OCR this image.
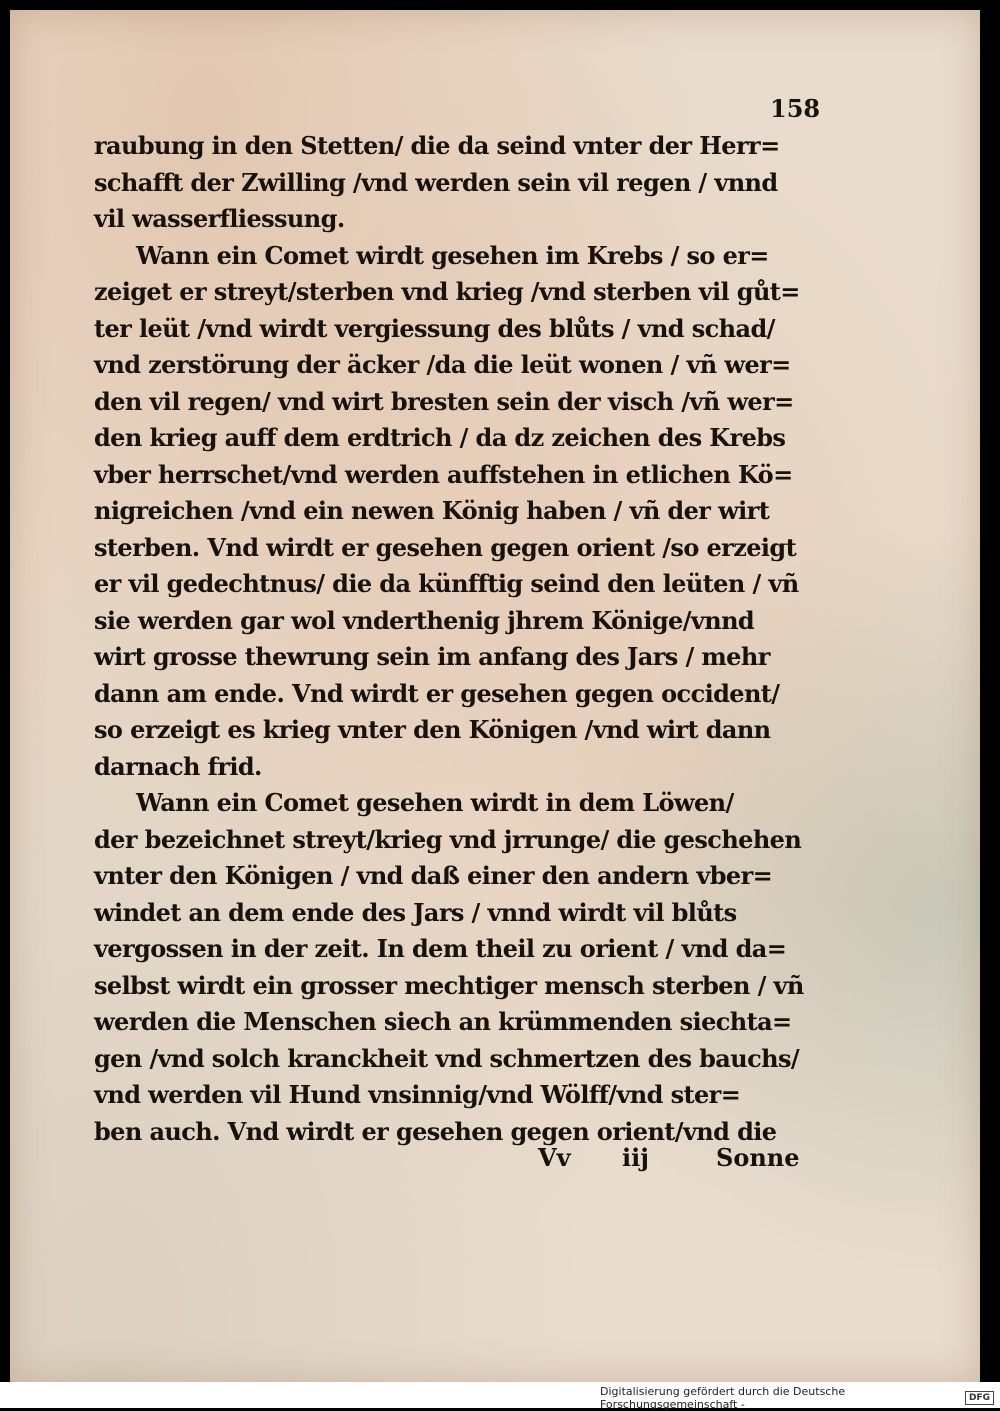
158
raubung in den Stetten/ die da seind vnter der Herr=
schafft der Zwilling /vnd werden sein vil regen / vnnd
vil wasserfliessung.
Wann ein Comet wirdt gesehen im Krebs / so er=
zeiget er streyt/sterben vnd krieg /vnd sterben vil gůt=
ter leüt /vnd wirdt vergiessung des blůts / vnd schad/
vnd zerstörung der äcker /da die leüt wonen / vñ wer=
den vil regen/ vnd wirt bresten sein der visch /vñ wer=
den krieg auff dem erdtrich / da dz zeichen des Krebs
vber herrschet/vnd werden auffstehen in etlichen Kö=
nigreichen /vnd ein newen König haben / vñ der wirt
sterben. Vnd wirdt er gesehen gegen orient /so erzeigt
er vil gedechtnus/ die da künfftig seind den leüten / vñ
sie werden gar wol vnderthenig jhrem Könige/vnnd
wirt grosse thewrung sein im anfang des Jars / mehr
dann am ende. Vnd wirdt er gesehen gegen occident/
so erzeigt es krieg vnter den Königen /vnd wirt dann
darnach frid.
Wann ein Comet gesehen wirdt in dem Löwen/
der bezeichnet streyt/krieg vnd jrrunge/ die geschehen
vnter den Königen / vnd daß einer den andern vber=
windet an dem ende des Jars / vnnd wirdt vil blůts
vergossen in der zeit. In dem theil zu orient / vnd da=
selbst wirdt ein grosser mechtiger mensch sterben / vñ
werden die Menschen siech an krümmenden siechta=
gen /vnd solch kranckheit vnd schmertzen des bauchs/
vnd werden vil Hund vnsinnig/vnd Wölff/vnd ster=
ben auch. Vnd wirdt er gesehen gegen orient/vnd die
Vv iij	Sonne
Digitalisierung gefördert durch die Deutsche Forschungsgemeinschaft -	DFG
